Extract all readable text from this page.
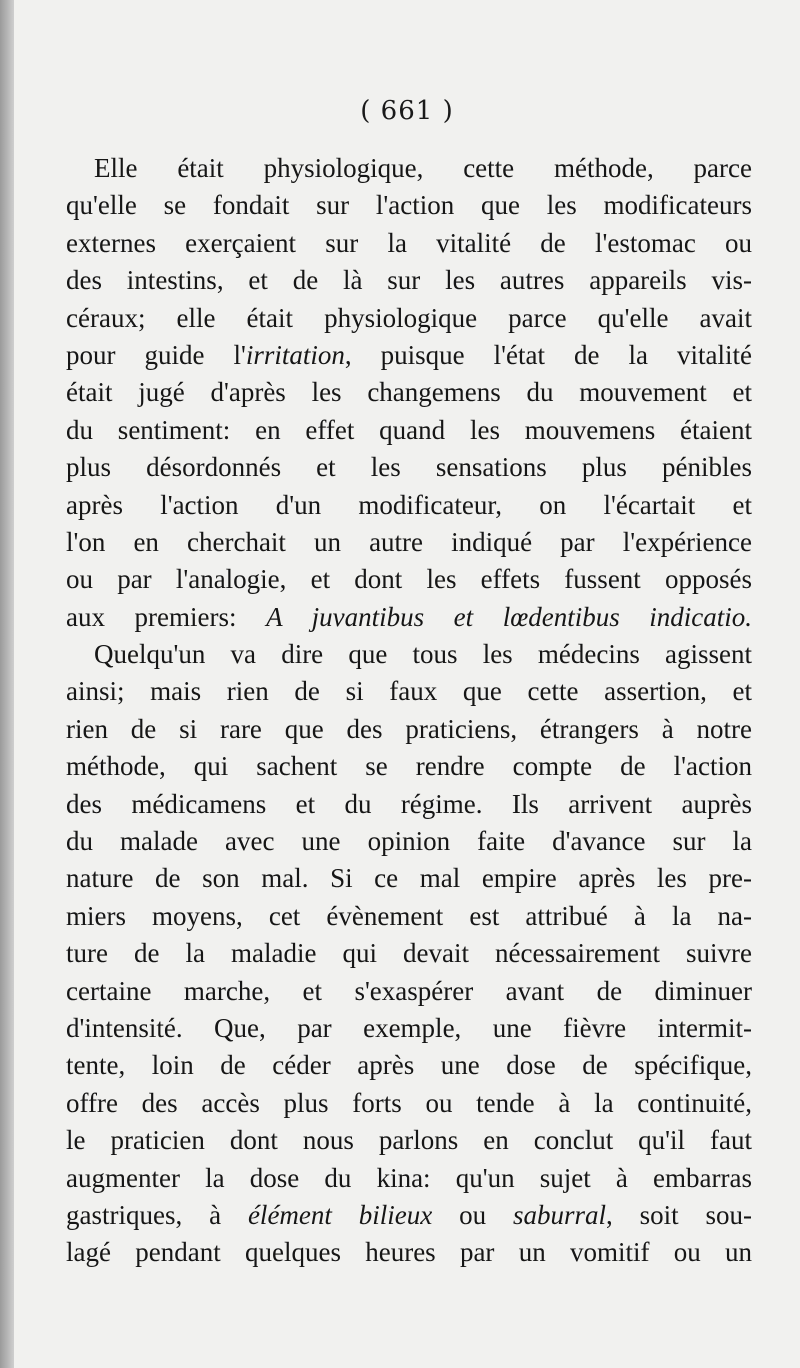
( 661 )
Elle était physiologique, cette méthode, parce
qu'elle se fondait sur l'action que les modificateurs
externes exerçaient sur la vitalité de l'estomac ou
des intestins, et de là sur les autres appareils vis-
céraux; elle était physiologique parce qu'elle avait
pour guide l'irritation, puisque l'état de la vitalité
était jugé d'après les changemens du mouvement et
du sentiment: en effet quand les mouvemens étaient
plus désordonnés et les sensations plus pénibles
après l'action d'un modificateur, on l'écartait et
l'on en cherchait un autre indiqué par l'expérience
ou par l'analogie, et dont les effets fussent opposés
aux premiers: A juvantibus et lœdentibus indicatio.
Quelqu'un va dire que tous les médecins agissent
ainsi; mais rien de si faux que cette assertion, et
rien de si rare que des praticiens, étrangers à notre
méthode, qui sachent se rendre compte de l'action
des médicamens et du régime. Ils arrivent auprès
du malade avec une opinion faite d'avance sur la
nature de son mal. Si ce mal empire après les pre-
miers moyens, cet évènement est attribué à la na-
ture de la maladie qui devait nécessairement suivre
certaine marche, et s'exaspérer avant de diminuer
d'intensité. Que, par exemple, une fièvre intermit-
tente, loin de céder après une dose de spécifique,
offre des accès plus forts ou tende à la continuité,
le praticien dont nous parlons en conclut qu'il faut
augmenter la dose du kina: qu'un sujet à embarras
gastriques, à élément bilieux ou saburral, soit sou-
lagé pendant quelques heures par un vomitif ou un
